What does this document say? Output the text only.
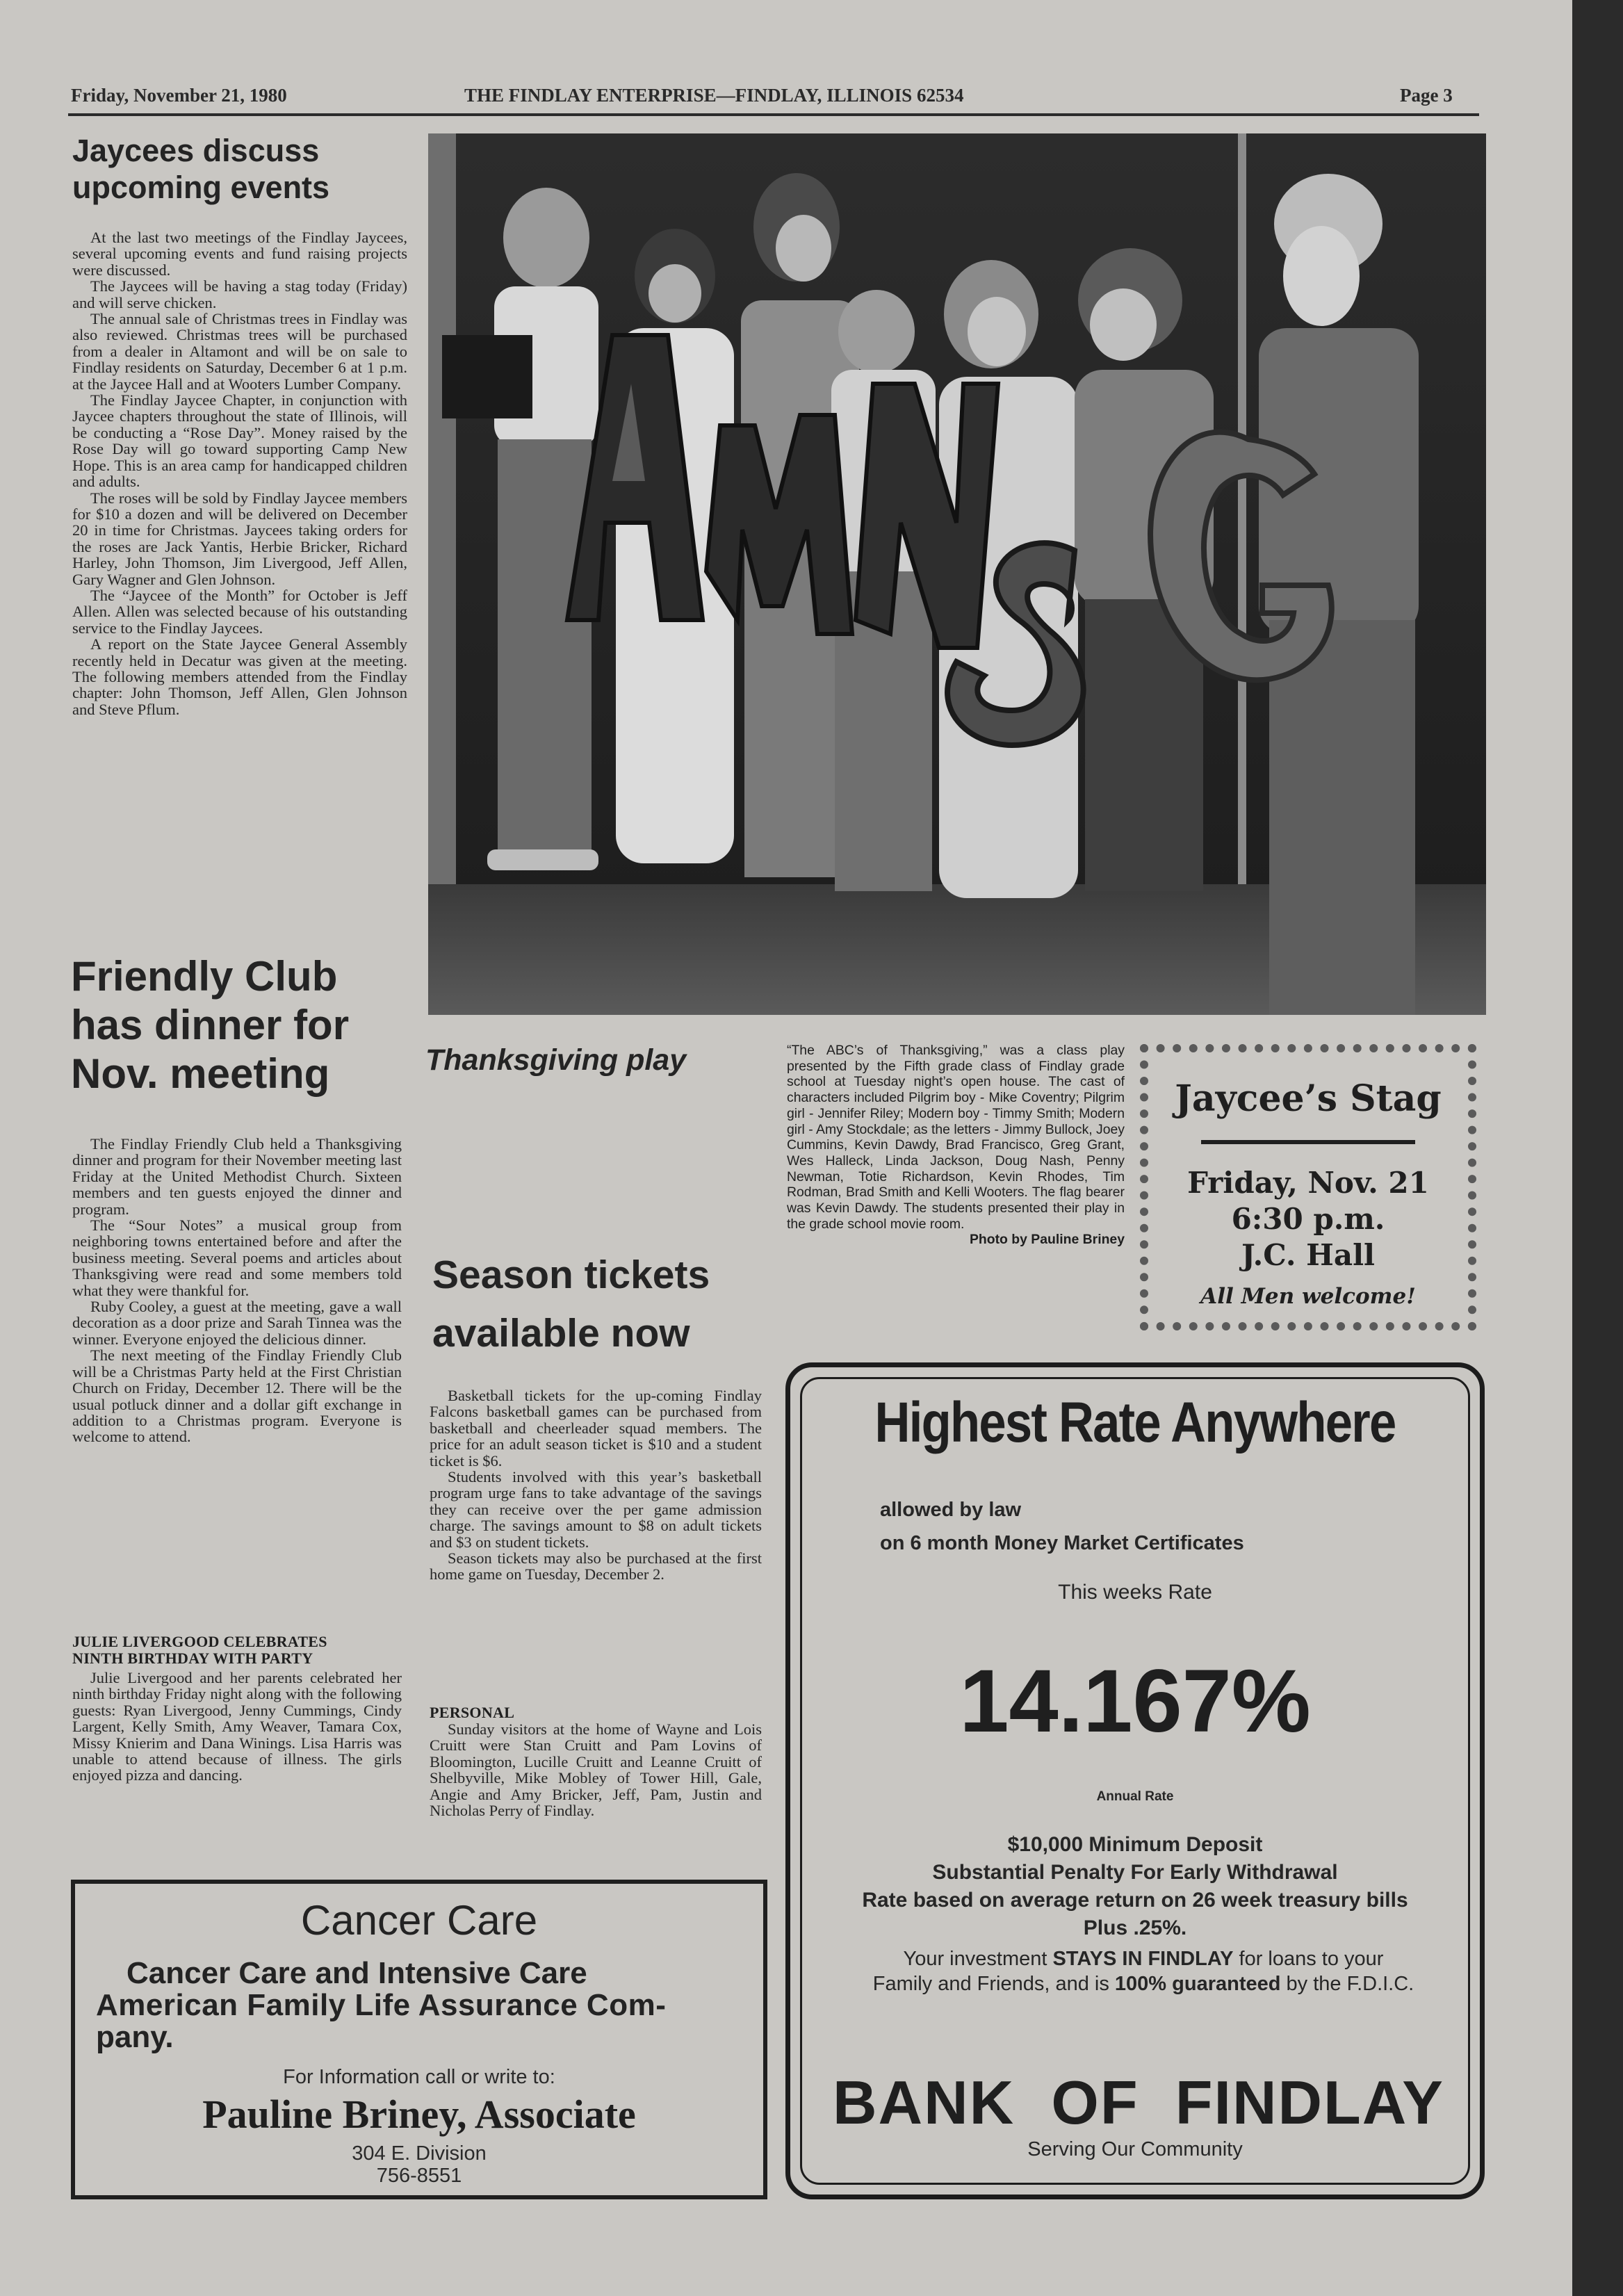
Friday, November 21, 1980	THE FINDLAY ENTERPRISE—FINDLAY, ILLINOIS 62534	Page 3
Jaycees discuss
upcoming events

At the last two meetings of the Findlay Jaycees, several upcoming events and fund raising projects were discussed.

The Jaycees will be having a stag today (Friday) and will serve chicken.

The annual sale of Christmas trees in Findlay was also reviewed. Christmas trees will be purchased from a dealer in Altamont and will be on sale to Findlay residents on Saturday, December 6 at 1 p.m. at the Jaycee Hall and at Wooters Lumber Company.

The Findlay Jaycee Chapter, in conjunction with Jaycee chapters throughout the state of Illinois, will be conducting a “Rose Day”. Money raised by the Rose Day will go toward supporting Camp New Hope. This is an area camp for handicapped children and adults.

The roses will be sold by Findlay Jaycee members for $10 a dozen and will be delivered on December 20 in time for Christmas. Jaycees taking orders for the roses are Jack Yantis, Herbie Bricker, Richard Harley, John Thomson, Jim Livergood, Jeff Allen, Gary Wagner and Glen Johnson.

The “Jaycee of the Month” for October is Jeff Allen. Allen was selected because of his outstanding service to the Findlay Jaycees.

A report on the State Jaycee General Assembly recently held in Decatur was given at the meeting. The following members attended from the Findlay chapter: John Thomson, Jeff Allen, Glen Johnson and Steve Pflum.

Friendly Club
has dinner for
Nov. meeting

The Findlay Friendly Club held a Thanksgiving dinner and program for their November meeting last Friday at the United Methodist Church. Sixteen members and ten guests enjoyed the dinner and program.

The “Sour Notes” a musical group from neighboring towns entertained before and after the business meeting. Several poems and articles about Thanksgiving were read and some members told what they were thankful for.

Ruby Cooley, a guest at the meeting, gave a wall decoration as a door prize and Sarah Tinnea was the winner. Everyone enjoyed the delicious dinner.

The next meeting of the Findlay Friendly Club will be a Christmas Party held at the First Christian Church on Friday, December 12. There will be the usual potluck dinner and a dollar gift exchange in addition to a Christmas program. Everyone is welcome to attend.

JULIE LIVERGOOD CELEBRATES
NINTH BIRTHDAY WITH PARTY

Julie Livergood and her parents celebrated her ninth birthday Friday night along with the following guests: Ryan Livergood, Jenny Cummings, Cindy Largent, Kelly Smith, Amy Weaver, Tamara Cox, Missy Knierim and Dana Winings. Lisa Harris was unable to attend because of illness. The girls enjoyed pizza and dancing.

Thanksgiving play	“The ABC’s of Thanksgiving,” was a class play presented by the Fifth grade class of Findlay grade school at Tuesday night’s open house. The cast of characters included Pilgrim boy - Mike Coventry; Pilgrim girl - Jennifer Riley; Modern boy - Timmy Smith; Modern girl - Amy Stockdale; as the letters - Jimmy Bullock, Joey Cummins, Kevin Dawdy, Brad Francisco, Greg Grant, Wes Halleck, Linda Jackson, Doug Nash, Penny Newman, Totie Richardson, Kevin Rhodes, Tim Rodman, Brad Smith and Kelli Wooters. The flag bearer was Kevin Dawdy. The students presented their play in the grade school movie room.
Photo by Pauline Briney
Jaycee’s Stag
Friday, Nov. 21
6:30 p.m.
J.C. Hall
All Men welcome!
Season tickets
available now

Basketball tickets for the up-coming Findlay Falcons basketball games can be purchased from basketball and cheerleader squad members. The price for an adult season ticket is $10 and a student ticket is $6.

Students involved with this year’s basketball program urge fans to take advantage of the savings they can receive over the per game admission charge. The savings amount to $8 on adult tickets and $3 on student tickets.

Season tickets may also be purchased at the first home game on Tuesday, December 2.

PERSONAL

Sunday visitors at the home of Wayne and Lois Cruitt were Stan Cruitt and Pam Lovins of Bloomington, Lucille Cruitt and Leanne Cruitt of Shelbyville, Mike Mobley of Tower Hill, Gale, Angie and Amy Bricker, Jeff, Pam, Justin and Nicholas Perry of Findlay.

Cancer Care
Cancer Care and Intensive Care
American Family Life Assurance Com-
pany.
For Information call or write to:
Pauline Briney, Associate
304 E. Division
756-8551
Highest Rate Anywhere
allowed by law
on 6 month Money Market Certificates
This weeks Rate
14.167%
Annual Rate
$10,000 Minimum Deposit
Substantial Penalty For Early Withdrawal
Rate based on average return on 26 week treasury bills
Plus .25%.
Your investment STAYS IN FINDLAY for loans to your
Family and Friends, and is 100% guaranteed by the F.D.I.C.
BANK OF FINDLAY
Serving Our Community
